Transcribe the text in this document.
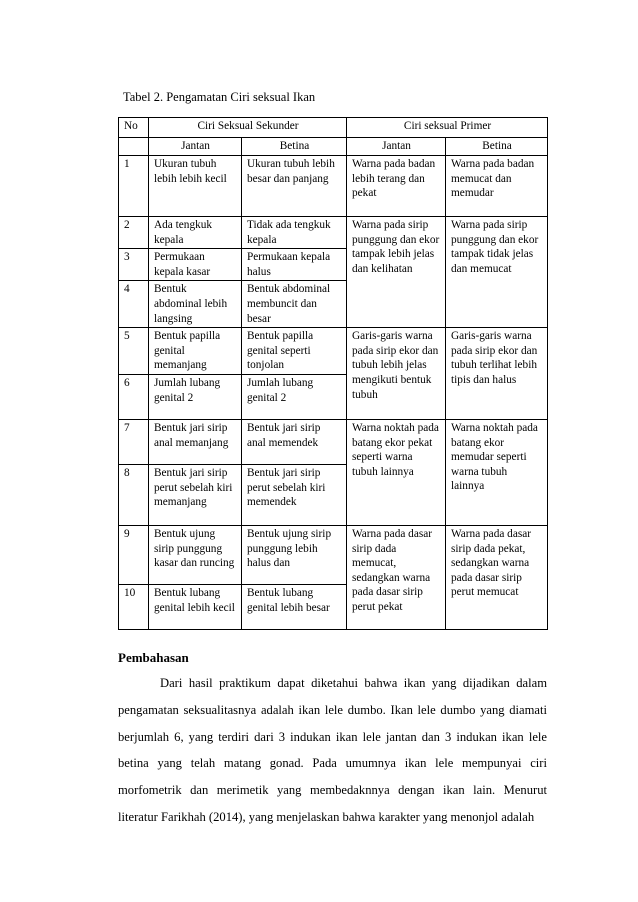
Tabel 2. Pengamatan Ciri seksual Ikan
No	Ciri Seksual Sekunder		Ciri seksual Primer	
	Jantan	Betina	Jantan	Betina
1	Ukuran tubuh lebih lebih kecil	Ukuran tubuh lebih besar dan panjang	Warna pada badan lebih terang dan pekat	Warna pada badan memucat dan memudar
2	Ada tengkuk kepala	Tidak ada tengkuk kepala	Warna pada sirip punggung dan ekor tampak lebih jelas dan kelihatan	Warna pada sirip punggung dan ekor tampak tidak jelas dan memucat
3	Permukaan kepala kasar	Permukaan kepala halus		
4	Bentuk abdominal lebih langsing	Bentuk abdominal membuncit dan besar		
5	Bentuk papilla genital memanjang	Bentuk papilla genital seperti tonjolan	Garis-garis warna pada sirip ekor dan tubuh lebih jelas mengikuti bentuk tubuh	Garis-garis warna pada sirip ekor dan tubuh terlihat lebih tipis dan halus
6	Jumlah lubang genital 2	Jumlah lubang genital 2		
7	Bentuk jari sirip anal memanjang	Bentuk jari sirip anal memendek	Warna noktah pada batang ekor pekat seperti warna tubuh lainnya	Warna noktah pada batang ekor memudar seperti warna tubuh lainnya
8	Bentuk jari sirip perut sebelah kiri memanjang	Bentuk jari sirip perut sebelah kiri memendek		
9	Bentuk ujung sirip punggung kasar dan runcing	Bentuk ujung sirip punggung lebih halus dan	Warna pada dasar sirip dada memucat, sedangkan warna pada dasar sirip perut pekat	Warna pada dasar sirip dada pekat, sedangkan warna pada dasar sirip perut memucat
10	Bentuk lubang genital lebih kecil	Bentuk lubang genital lebih besar		
Pembahasan
Dari hasil praktikum dapat diketahui bahwa ikan yang dijadikan dalam pengamatan seksualitasnya adalah ikan lele dumbo. Ikan lele dumbo yang diamati berjumlah 6, yang terdiri dari 3 indukan ikan lele jantan dan 3 indukan ikan lele betina yang telah matang gonad. Pada umumnya ikan lele mempunyai ciri morfometrik dan merimetik yang membedaknnya dengan ikan lain. Menurut literatur Farikhah (2014), yang menjelaskan bahwa karakter yang menonjol adalah
